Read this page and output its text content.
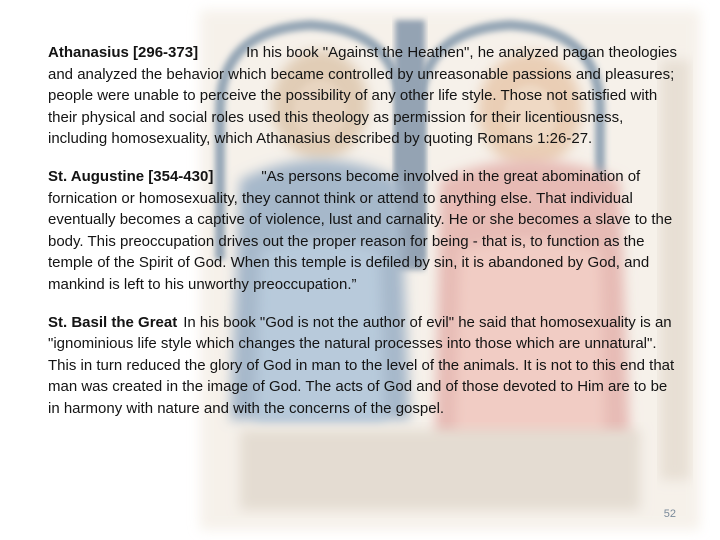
Athanasius [296-373]	In his book "Against the Heathen", he analyzed pagan theologies and analyzed the behavior which became controlled by unreasonable passions and pleasures; people were unable to perceive the possibility of any other life style. Those not satisfied with their physical and social roles used this theology as permission for their licentiousness, including homosexuality, which Athanasius described by quoting Romans 1:26-27.

St. Augustine [354-430]	"As persons become involved in the great abomination of fornication or homosexuality, they cannot think or attend to anything else. That individual eventually becomes a captive of violence, lust and carnality. He or she becomes a slave to the body. This preoccupation drives out the proper reason for being - that is, to function as the temple of the Spirit of God. When this temple is defiled by sin, it is abandoned by God, and mankind is left to his unworthy preoccupation.”

St. Basil the Great In his book "God is not the author of evil" he said that homosexuality is an "ignominious life style which changes the natural processes into those which are unnatural". This in turn reduced the glory of God in man to the level of the animals. It is not to this end that man was created in the image of God. The acts of God and of those devoted to Him are to be in harmony with nature and with the concerns of the gospel.

52
